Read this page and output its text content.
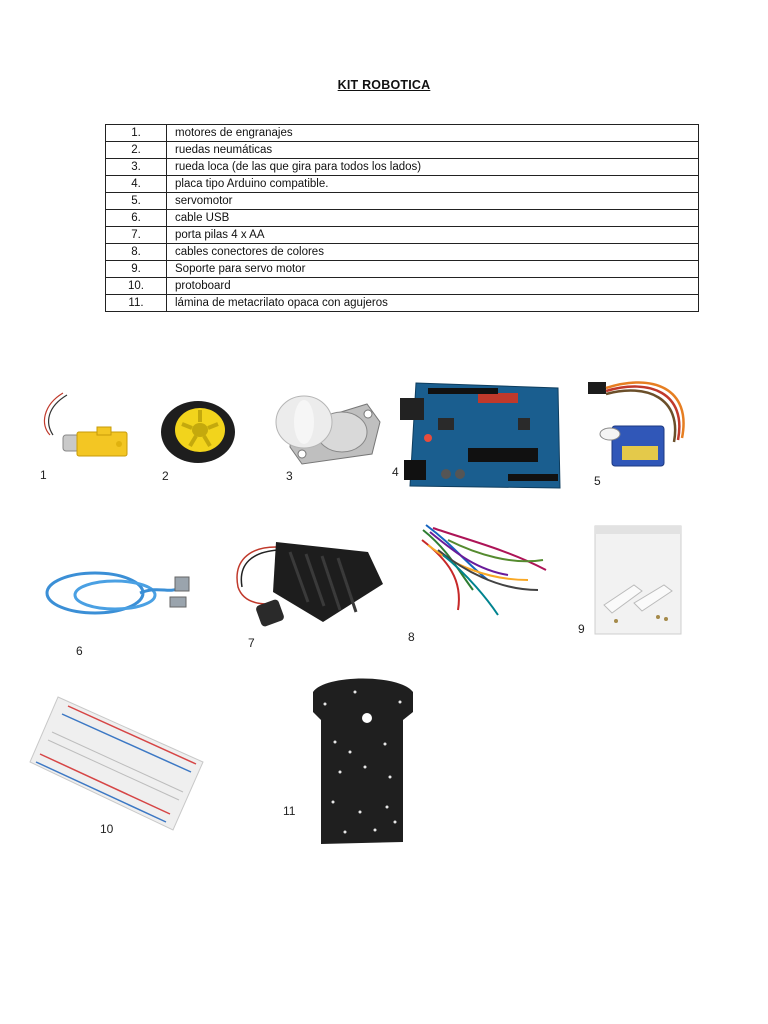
KIT ROBOTICA
1.	motores de engranajes
2.	ruedas neumáticas
3.	rueda loca (de las que gira para todos los lados)
4.	placa tipo Arduino compatible.
5.	servomotor
6.	cable USB
7.	porta pilas 4 x AA
8.	cables conectores de colores
9.	Soporte para servo motor
10.	protoboard
11.	lámina de metacrilato opaca con agujeros
1	2	3	4
5
6
7	8
9
10
11
